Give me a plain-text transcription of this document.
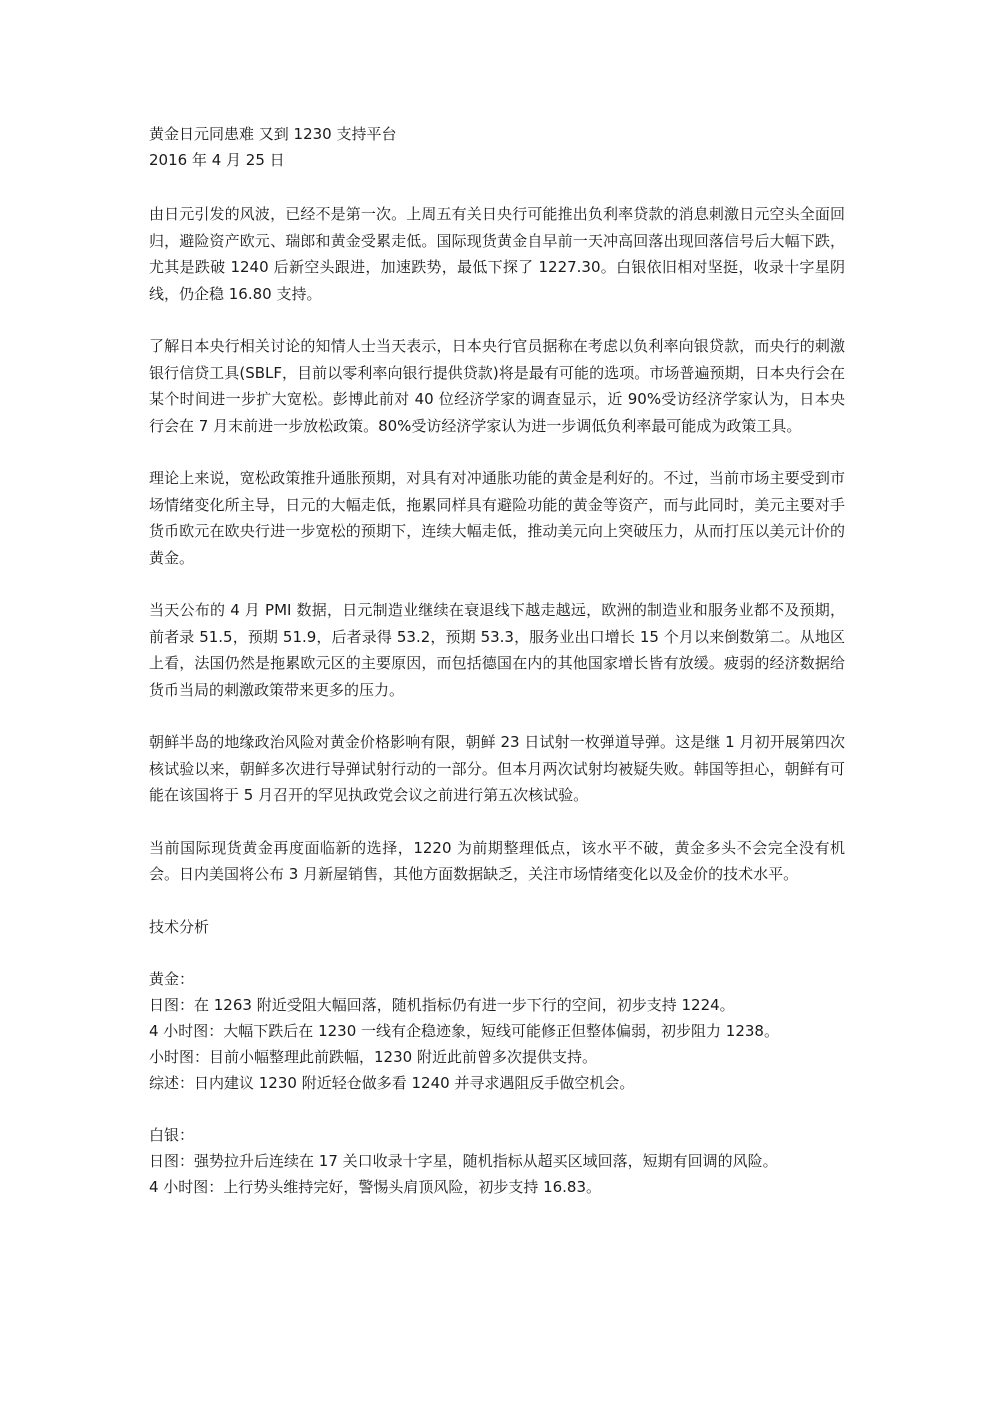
黄金日元同患难 又到 1230 支持平台

2016 年 4 月 25 日

由日元引发的风波，已经不是第一次。上周五有关日央行可能推出负利率贷款的消息刺激日元空头全面回归，避险资产欧元、瑞郎和黄金受累走低。国际现货黄金自早前一天冲高回落出现回落信号后大幅下跌，尤其是跌破 1240 后新空头跟进，加速跌势，最低下探了 1227.30。白银依旧相对坚挺，收录十字星阴线，仍企稳 16.80 支持。

了解日本央行相关讨论的知情人士当天表示，日本央行官员据称在考虑以负利率向银贷款，而央行的刺激银行信贷工具(SBLF，目前以零利率向银行提供贷款)将是最有可能的选项。市场普遍预期，日本央行会在某个时间进一步扩大宽松。彭博此前对 40 位经济学家的调查显示，近 90%受访经济学家认为，日本央行会在 7 月末前进一步放松政策。80%受访经济学家认为进一步调低负利率最可能成为政策工具。

理论上来说，宽松政策推升通胀预期，对具有对冲通胀功能的黄金是利好的。不过，当前市场主要受到市场情绪变化所主导，日元的大幅走低，拖累同样具有避险功能的黄金等资产，而与此同时，美元主要对手货币欧元在欧央行进一步宽松的预期下，连续大幅走低，推动美元向上突破压力，从而打压以美元计价的黄金。

当天公布的 4 月 PMI 数据，日元制造业继续在衰退线下越走越远，欧洲的制造业和服务业都不及预期，前者录 51.5，预期 51.9，后者录得 53.2，预期 53.3，服务业出口增长 15 个月以来倒数第二。从地区上看，法国仍然是拖累欧元区的主要原因，而包括德国在内的其他国家增长皆有放缓。疲弱的经济数据给货币当局的刺激政策带来更多的压力。

朝鲜半岛的地缘政治风险对黄金价格影响有限，朝鲜 23 日试射一枚弹道导弹。这是继 1 月初开展第四次核试验以来，朝鲜多次进行导弹试射行动的一部分。但本月两次试射均被疑失败。韩国等担心，朝鲜有可能在该国将于 5 月召开的罕见执政党会议之前进行第五次核试验。

当前国际现货黄金再度面临新的选择，1220 为前期整理低点，该水平不破，黄金多头不会完全没有机会。日内美国将公布 3 月新屋销售，其他方面数据缺乏，关注市场情绪变化以及金价的技术水平。

技术分析

黄金：

日图：在 1263 附近受阻大幅回落，随机指标仍有进一步下行的空间，初步支持 1224。

4 小时图：大幅下跌后在 1230 一线有企稳迹象，短线可能修正但整体偏弱，初步阻力 1238。

小时图：目前小幅整理此前跌幅，1230 附近此前曾多次提供支持。

综述：日内建议 1230 附近轻仓做多看 1240 并寻求遇阻反手做空机会。

白银：

日图：强势拉升后连续在 17 关口收录十字星，随机指标从超买区域回落，短期有回调的风险。

4 小时图：上行势头维持完好，警惕头肩顶风险，初步支持 16.83。
